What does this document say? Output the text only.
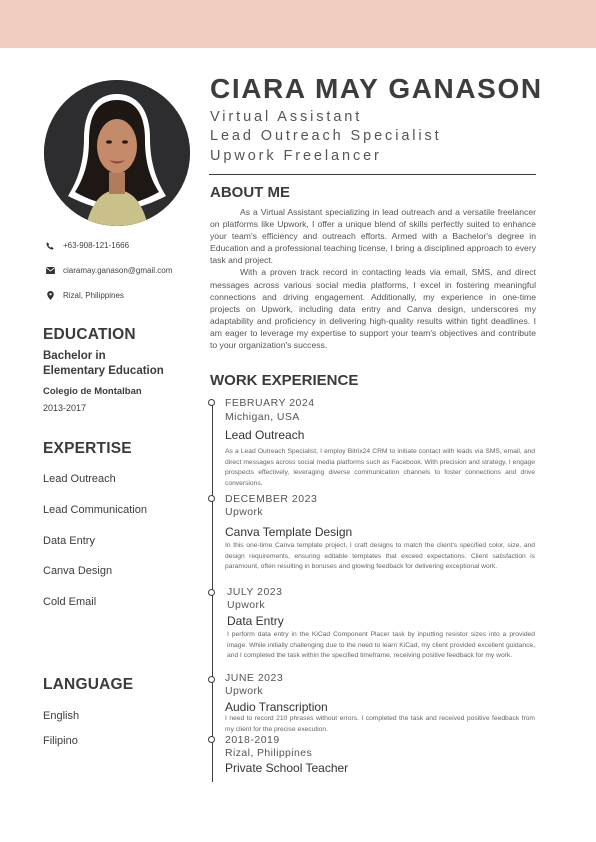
+63-908-121-1666
ciaramay.ganason@gmail.com
Rizal, Philippines
EDUCATION
Bachelor in
Elementary Education
Colegio de Montalban
2013-2017
EXPERTISE
Lead Outreach
Lead Communication
Data Entry
Canva Design
Cold Email
LANGUAGE
English
Filipino
CIARA MAY GANASON
Virtual Assistant
Lead Outreach Specialist
Upwork Freelancer
ABOUT ME

As a Virtual Assistant specializing in lead outreach and a versatile freelancer on platforms like Upwork, I offer a unique blend of skills perfectly suited to enhance your team's efficiency and outreach efforts. Armed with a Bachelor's degree in Education and a professional teaching license, I bring a disciplined approach to every task and project.

With a proven track record in contacting leads via email, SMS, and direct messages across various social media platforms, I excel in fostering meaningful connections and driving engagement. Additionally, my experience in one-time projects on Upwork, including data entry and Canva design, underscores my adaptability and proficiency in delivering high-quality results within tight deadlines. I am eager to leverage my expertise to support your team's objectives and contribute to your organization's success.

WORK EXPERIENCE
FEBRUARY 2024
Michigan, USA
Lead Outreach
As a Lead Outreach Specialist, I employ Bitrix24 CRM to initiate contact with leads via SMS, email, and direct messages across social media platforms such as Facebook. With precision and strategy, I engage prospects effectively, leveraging diverse communication channels to foster connections and drive conversions.
DECEMBER 2023
Upwork
Canva Template Design
In this one-time Canva template project, I craft designs to match the client's specified color, size, and design requirements, ensuring editable templates that exceed expectations. Client satisfaction is paramount, often resulting in bonuses and glowing feedback for delivering exceptional work.
JULY 2023
Upwork
Data Entry
I perform data entry in the KiCad Component Placer task by inputting resistor sizes into a provided image. While initially challenging due to the need to learn KiCad, my client provided excellent guidance, and I completed the task within the specified timeframe, receiving positive feedback for my work.
JUNE 2023
Upwork
Audio Transcription
I need to record 210 phrases without errors. I completed the task and received positive feedback from my client for the precise execution.
2018-2019
Rizal, Philippines
Private School Teacher
